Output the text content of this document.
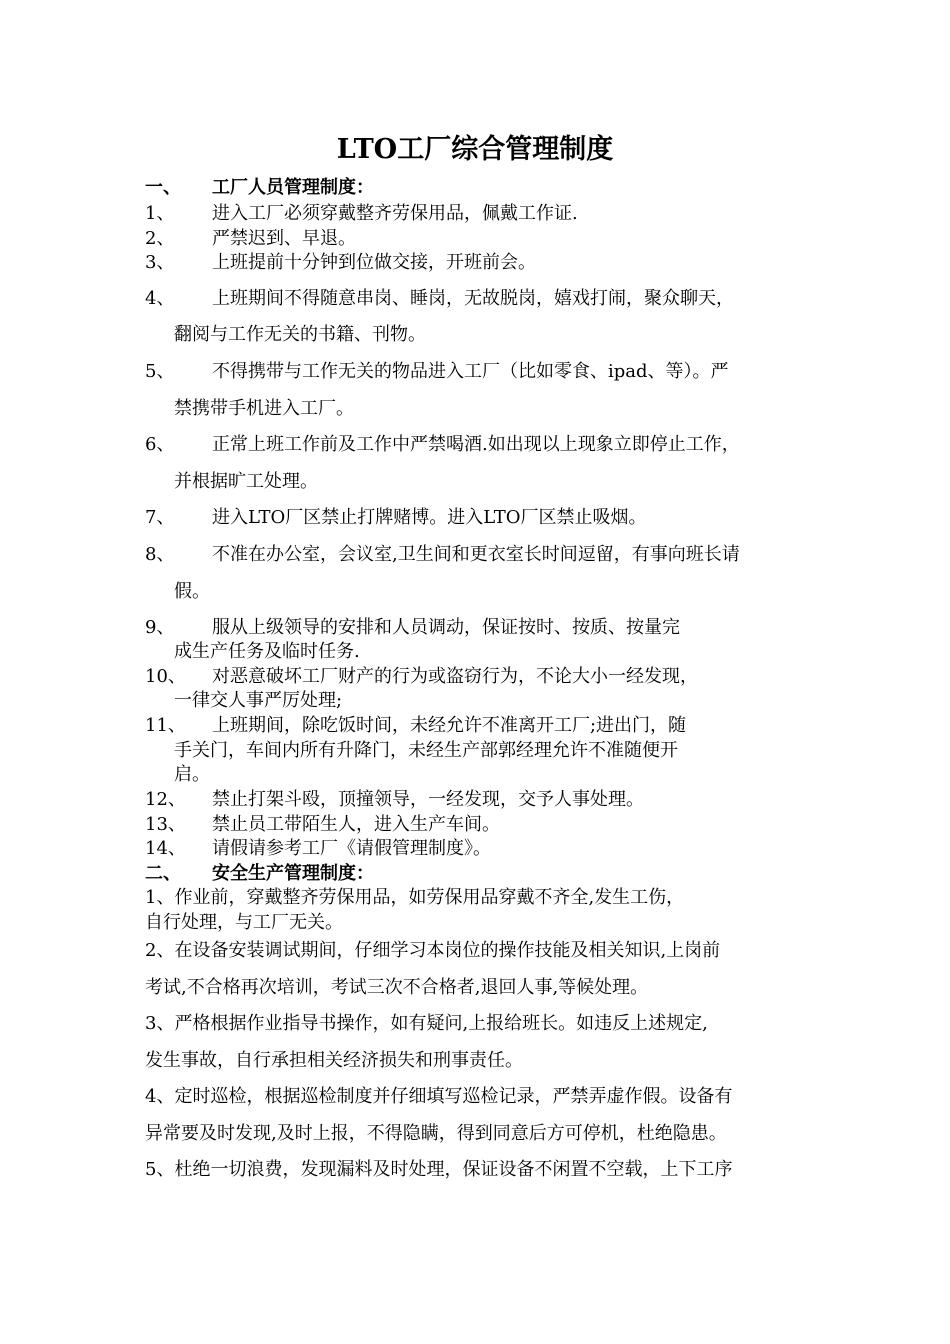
LTO工厂综合管理制度
一、 工厂人员管理制度：
1、 进入工厂必须穿戴整齐劳保用品，佩戴工作证.
2、 严禁迟到、早退。
3、 上班提前十分钟到位做交接，开班前会。
4、 上班期间不得随意串岗、睡岗，无故脱岗，嬉戏打闹，聚众聊天，
翻阅与工作无关的书籍、刊物。
5、 不得携带与工作无关的物品进入工厂（比如零食、ipad、等）。严
禁携带手机进入工厂。
6、 正常上班工作前及工作中严禁喝酒.如出现以上现象立即停止工作，
并根据旷工处理。
7、 进入LTO厂区禁止打牌赌博。进入LTO厂区禁止吸烟。
8、 不准在办公室，会议室,卫生间和更衣室长时间逗留，有事向班长请
假。
9、 服从上级领导的安排和人员调动，保证按时、按质、按量完
成生产任务及临时任务.
10、 对恶意破坏工厂财产的行为或盗窃行为，不论大小一经发现，
一律交人事严厉处理;
11、 上班期间，除吃饭时间，未经允许不准离开工厂;进出门，随
手关门，车间内所有升降门，未经生产部郭经理允许不准随便开
启。
12、 禁止打架斗殴，顶撞领导，一经发现，交予人事处理。
13、 禁止员工带陌生人，进入生产车间。
14、 请假请参考工厂《请假管理制度》。
二、 安全生产管理制度：
1、作业前，穿戴整齐劳保用品，如劳保用品穿戴不齐全,发生工伤，
自行处理，与工厂无关。
2、在设备安装调试期间，仔细学习本岗位的操作技能及相关知识,上岗前
考试,不合格再次培训，考试三次不合格者,退回人事,等候处理。
3、严格根据作业指导书操作，如有疑问,上报给班长。如违反上述规定,
发生事故，自行承担相关经济损失和刑事责任。
4、定时巡检，根据巡检制度并仔细填写巡检记录，严禁弄虚作假。设备有
异常要及时发现,及时上报，不得隐瞒，得到同意后方可停机，杜绝隐患。
5、杜绝一切浪费，发现漏料及时处理，保证设备不闲置不空载，上下工序
